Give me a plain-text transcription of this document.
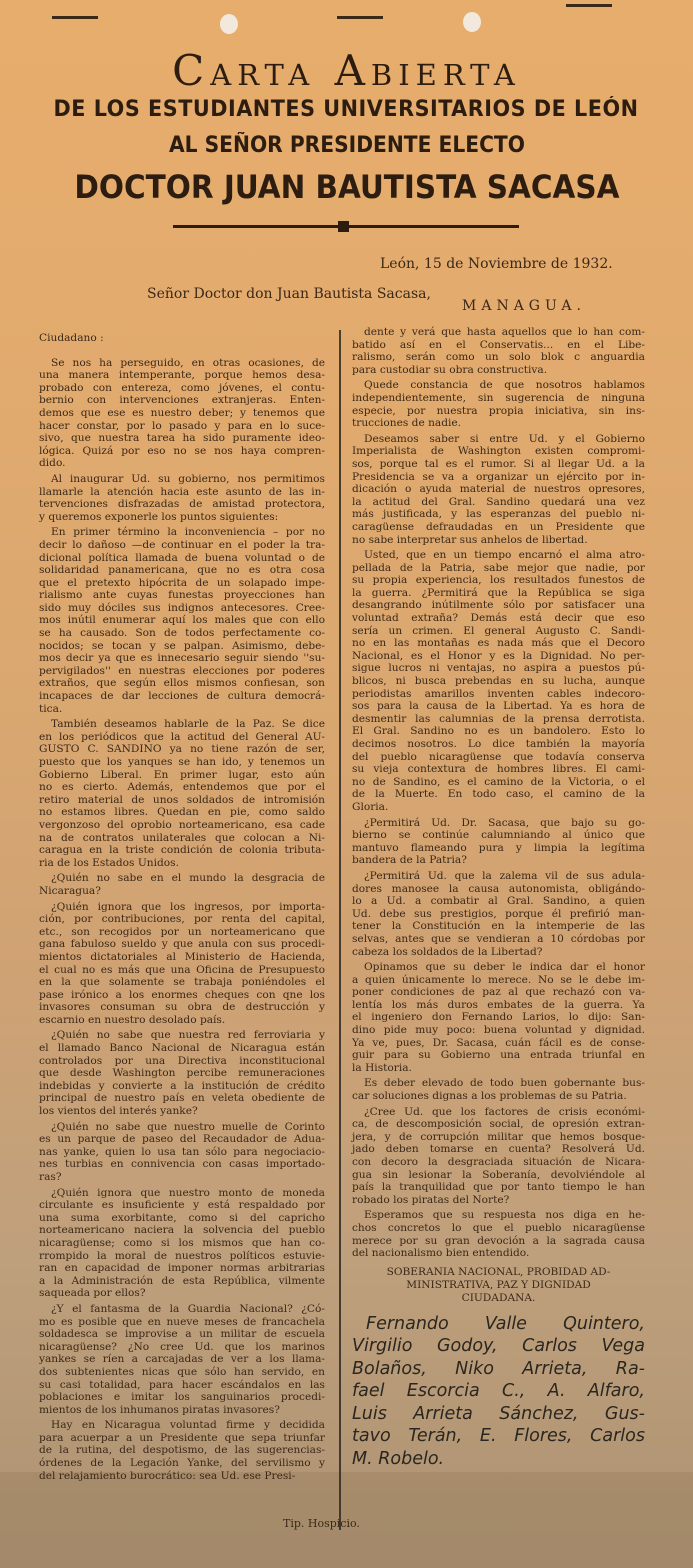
Carta Abierta
DE LOS ESTUDIANTES UNIVERSITARIOS DE LEÓN
AL SEÑOR PRESIDENTE ELECTO
DOCTOR JUAN BAUTISTA SACASA
León, 15 de Noviembre de 1932.
Señor Doctor don Juan Bautista Sacasa,
MANAGUA.
Ciudadano :
Se nos ha perseguido, en otras ocasiones, de
una manera intemperante, porque hemos desa-
probado con entereza, como jóvenes, el contu-
bernio con intervenciones extranjeras. Enten-
demos que ese es nuestro deber; y tenemos que
hacer constar, por lo pasado y para en lo suce-
sivo, que nuestra tarea ha sido puramente ideo-
lógica. Quizá por eso no se nos haya compren-
dido.
Al inaugurar Ud. su gobierno, nos permitimos
llamarle la atención hacia este asunto de las in-
tervenciones disfrazadas de amistad protectora,
y queremos exponerle los puntos siguientes:
En primer término la inconveniencia – por no
decir lo dañoso —de continuar en el poder la tra-
dicional política llamada de buena voluntad o de
solidaridad panamericana, que no es otra cosa
que el pretexto hipócrita de un solapado impe-
rialismo ante cuyas funestas proyecciones han
sido muy dóciles sus indignos antecesores. Cree-
mos inútil enumerar aquí los males que con ello
se ha causado. Son de todos perfectamente co-
nocidos; se tocan y se palpan. Asimismo, debe-
mos decir ya que es innecesario seguir siendo ''su-
pervigilados'' en nuestras elecciones por poderes
extraños, que según ellos mismos confiesan, son
incapaces de dar lecciones de cultura democrá-
tica.
También deseamos hablarle de la Paz. Se dice
en los periódicos que la actitud del General AU-
GUSTO C. SANDINO ya no tiene razón de ser,
puesto que los yanques se han ido, y tenemos un
Gobierno Liberal. En primer lugar, esto aún
no es cierto. Además, entendemos que por el
retiro material de unos soldados de intromisión
no estamos libres. Quedan en pie, como saldo
vergonzoso del oprobio norteamericano, esa cade
na de contratos unilaterales que colocan a Ni-
caragua en la triste condición de colonia tributa-
ria de los Estados Unidos.
¿Quién no sabe en el mundo la desgracia de
Nicaragua?
¿Quién ignora que los ingresos, por importa-
ción, por contribuciones, por renta del capital,
etc., son recogidos por un norteamericano que
gana fabuloso sueldo y que anula con sus procedi-
mientos dictatoriales al Ministerio de Hacienda,
el cual no es más que una Oficina de Presupuesto
en la que solamente se trabaja poniéndoles el
pase irónico a los enormes cheques con qne los
invasores consuman su obra de destrucción y
escarnio en nuestro desolado país.
¿Quién no sabe que nuestra red ferroviaria y
el llamado Banco Nacional de Nicaragua están
controlados por una Directiva inconstitucional
que desde Washington percibe remuneraciones
indebidas y convierte a la institución de crédito
principal de nuestro país en veleta obediente de
los vientos del interés yanke?
¿Quién no sabe que nuestro muelle de Corinto
es un parque de paseo del Recaudador de Adua-
nas yanke, quien lo usa tan sólo para negociacio-
nes turbias en connivencia con casas importado-
ras?
¿Quién ignora que nuestro monto de moneda
circulante es insuficiente y está respaldado por
una suma exorbitante, como si del capricho
norteamericano naciera la solvencia del pueblo
nicaragüense; como si los mismos que han co-
rrompido la moral de nuestros políticos estuvie-
ran en capacidad de imponer normas arbitrarias
a la Administración de esta República, vilmente
saqueada por ellos?
¿Y el fantasma de la Guardia Nacional? ¿Có-
mo es posible que en nueve meses de francachela
soldadesca se improvise a un militar de escuela
nicaragüense? ¿No cree Ud. que los marinos
yankes se ríen a carcajadas de ver a los llama-
dos subtenientes nicas que sólo han servido, en
su casi totalidad, para hacer escándalos en las
poblaciones e imitar los sanguinarios procedi-
mientos de los inhumanos piratas invasores?
Hay en Nicaragua voluntad firme y decidida
para acuerpar a un Presidente que sepa triunfar
de la rutina, del despotismo, de las sugerencias-
órdenes de la Legación Yanke, del servilismo y
del relajamiento burocrático: sea Ud. ese Presi-
dente y verá que hasta aquellos que lo han com-
batido así en el Conservatis... en el Libe-
ralismo, serán como un solo blok c anguardia
para custodiar su obra constructiva.
Quede constancia de que nosotros hablamos
independientemente, sin sugerencia de ninguna
especie, por nuestra propia iniciativa, sin ins-
trucciones de nadie.
Deseamos saber si entre Ud. y el Gobierno
Imperialista de Washington existen compromi-
sos, porque tal es el rumor. Si al llegar Ud. a la
Presidencia se va a organizar un ejército por in-
dicación o ayuda material de nuestros opresores,
la actitud del Gral. Sandino quedará una vez
más justificada, y las esperanzas del pueblo ni-
caragüense defraudadas en un Presidente que
no sabe interpretar sus anhelos de libertad.
Usted, que en un tiempo encarnó el alma atro-
pellada de la Patria, sabe mejor que nadie, por
su propia experiencia, los resultados funestos de
la guerra. ¿Permitirá que la República se siga
desangrando inútilmente sólo por satisfacer una
voluntad extraña? Demás está decir que eso
sería un crimen. El general Augusto C. Sandi-
no en las montañas es nada más que el Decoro
Nacional, es el Honor y es la Dignidad. No per-
sigue lucros ni ventajas, no aspira a puestos pú-
blicos, ni busca prebendas en su lucha, aunque
periodistas amarillos inventen cables indecoro-
sos para la causa de la Libertad. Ya es hora de
desmentir las calumnias de la prensa derrotista.
El Gral. Sandino no es un bandolero. Esto lo
decimos nosotros. Lo dice también la mayoría
del pueblo nicaragüense que todavía conserva
su vieja contextura de hombres libres. El cami-
no de Sandino, es el camino de la Victoria, o el
de la Muerte. En todo caso, el camino de la
Gloria.
¿Permitirá Ud. Dr. Sacasa, que bajo su go-
bierno se continúe calumniando al único que
mantuvo flameando pura y limpia la legítima
bandera de la Patria?
¿Permitirá Ud. que la zalema vil de sus adula-
dores manosee la causa autonomista, obligándo-
lo a Ud. a combatir al Gral. Sandino, a quien
Ud. debe sus prestigios, porque él prefirió man-
tener la Constitución en la intemperie de las
selvas, antes que se vendieran a 10 córdobas por
cabeza los soldados de la Libertad?
Opinamos que su deber le indica dar el honor
a quien únicamente lo merece. No se le debe im-
poner condiciones de paz al que rechazó con va-
lentía los más duros embates de la guerra. Ya
el ingeniero don Fernando Larios, lo dijo: San-
dino pide muy poco: buena voluntad y dignidad.
Ya ve, pues, Dr. Sacasa, cuán fácil es de conse-
guir para su Gobierno una entrada triunfal en
la Historia.
Es deber elevado de todo buen gobernante bus-
car soluciones dignas a los problemas de su Patria.
¿Cree Ud. que los factores de crisis económi-
ca, de descomposición social, de opresión extran-
jera, y de corrupción militar que hemos bosque-
jado deben tomarse en cuenta? Resolverá Ud.
con decoro la desgraciada situación de Nicara-
gua sin lesionar la Soberanía, devolviéndole al
país la tranquilidad que por tanto tiempo le han
robado los piratas del Norte?
Esperamos que su respuesta nos diga en he-
chos concretos lo que el pueblo nicaragüense
merece por su gran devoción a la sagrada causa
del nacionalismo bien entendido.
SOBERANIA NACIONAL, PROBIDAD AD-
MINISTRATIVA, PAZ Y DIGNIDAD
CIUDADANA.
Fernando Valle Quintero,
Virgilio Godoy, Carlos Vega
Bolaños, Niko Arrieta, Ra-
fael Escorcia C., A. Alfaro,
Luis Arrieta Sánchez, Gus-
tavo Terán, E. Flores, Carlos
M. Robelo.
Tip. Hospicio.
